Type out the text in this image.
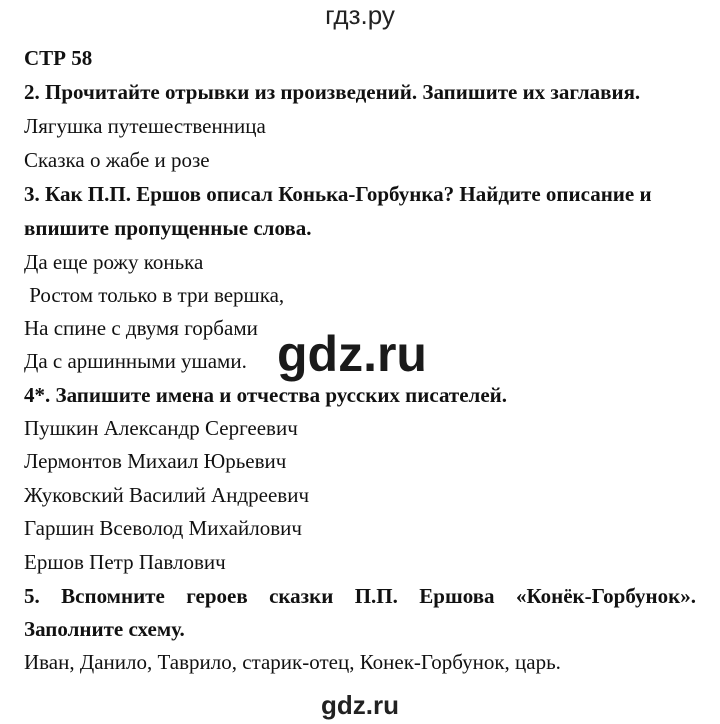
гдз.ру
СТР 58
2. Прочитайте отрывки из произведений. Запишите их заглавия.
Лягушка путешественница
Сказка о жабе и розе
3. Как П.П. Ершов описал Конька-Горбунка? Найдите описание и
впишите пропущенные слова.
Да еще рожу конька
Ростом только в три вершка,
На спине с двумя горбами
Да с аршинными ушами. gdz.ru
4*. Запишите имена и отчества русских писателей.
Пушкин Александр Сергеевич
Лермонтов Михаил Юрьевич
Жуковский Василий Андреевич
Гаршин Всеволод Михайлович
Ершов Петр Павлович
5. Вспомните героев сказки П.П. Ершова «Конёк-Горбунок».
Заполните схему.
Иван, Данило, Таврило, старик-отец, Конек-Горбунок, царь.
gdz.ru
